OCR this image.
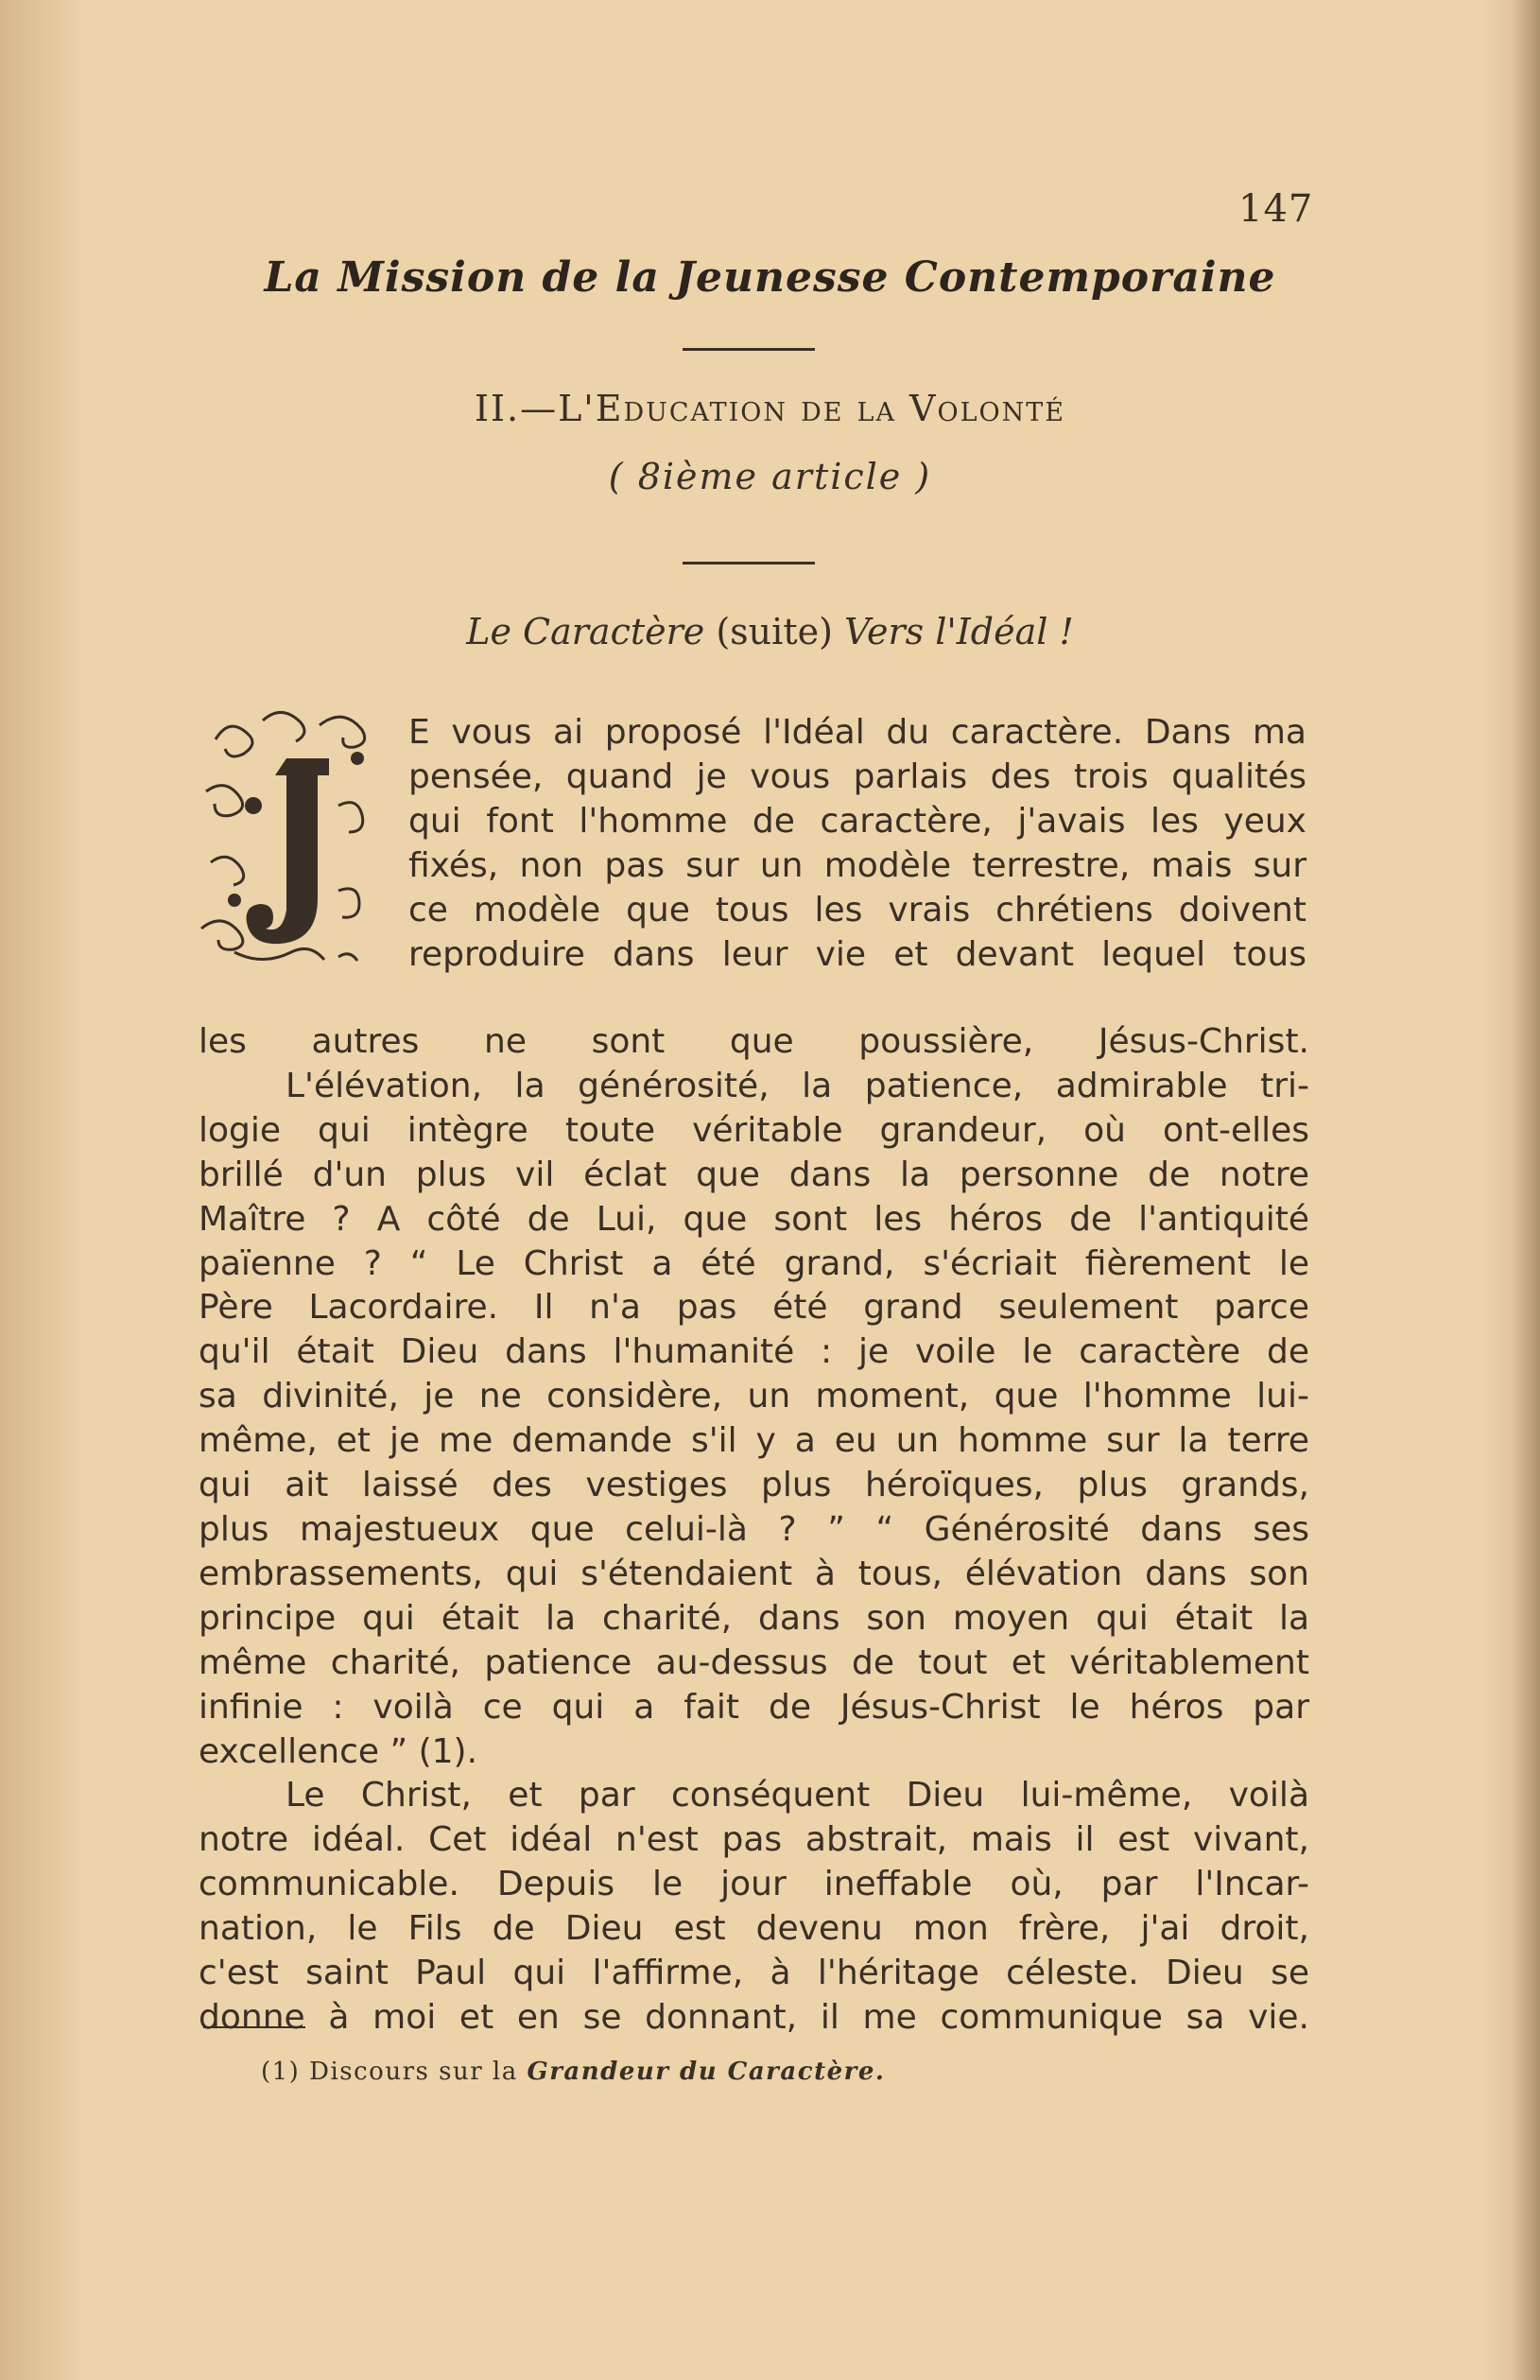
147
La Mission de la Jeunesse Contemporaine
II.—L'Education de la Volonté
( 8ième article )
Le Caractère (suite) Vers l'Idéal !
E vous ai proposé l'Idéal du caractère. Dans ma
pensée, quand je vous parlais des trois qualités
qui font l'homme de caractère, j'avais les yeux
fixés, non pas sur un modèle terrestre, mais sur
ce modèle que tous les vrais chrétiens doivent
reproduire dans leur vie et devant lequel tous
les autres ne sont que poussière, Jésus-Christ.
L'élévation, la générosité, la patience, admirable tri-
logie qui intègre toute véritable grandeur, où ont-elles
brillé d'un plus vil éclat que dans la personne de notre
Maître ? A côté de Lui, que sont les héros de l'antiquité
païenne ? “ Le Christ a été grand, s'écriait fièrement le
Père Lacordaire. Il n'a pas été grand seulement parce
qu'il était Dieu dans l'humanité : je voile le caractère de
sa divinité, je ne considère, un moment, que l'homme lui-
même, et je me demande s'il y a eu un homme sur la terre
qui ait laissé des vestiges plus héroïques, plus grands,
plus majestueux que celui-là ? ” “ Générosité dans ses
embrassements, qui s'étendaient à tous, élévation dans son
principe qui était la charité, dans son moyen qui était la
même charité, patience au-dessus de tout et véritablement
infinie : voilà ce qui a fait de Jésus-Christ le héros par
excellence ” (1).
Le Christ, et par conséquent Dieu lui-même, voilà
notre idéal. Cet idéal n'est pas abstrait, mais il est vivant,
communicable. Depuis le jour ineffable où, par l'Incar-
nation, le Fils de Dieu est devenu mon frère, j'ai droit,
c'est saint Paul qui l'affirme, à l'héritage céleste. Dieu se
donne à moi et en se donnant, il me communique sa vie.
(1) Discours sur la Grandeur du Caractère.
